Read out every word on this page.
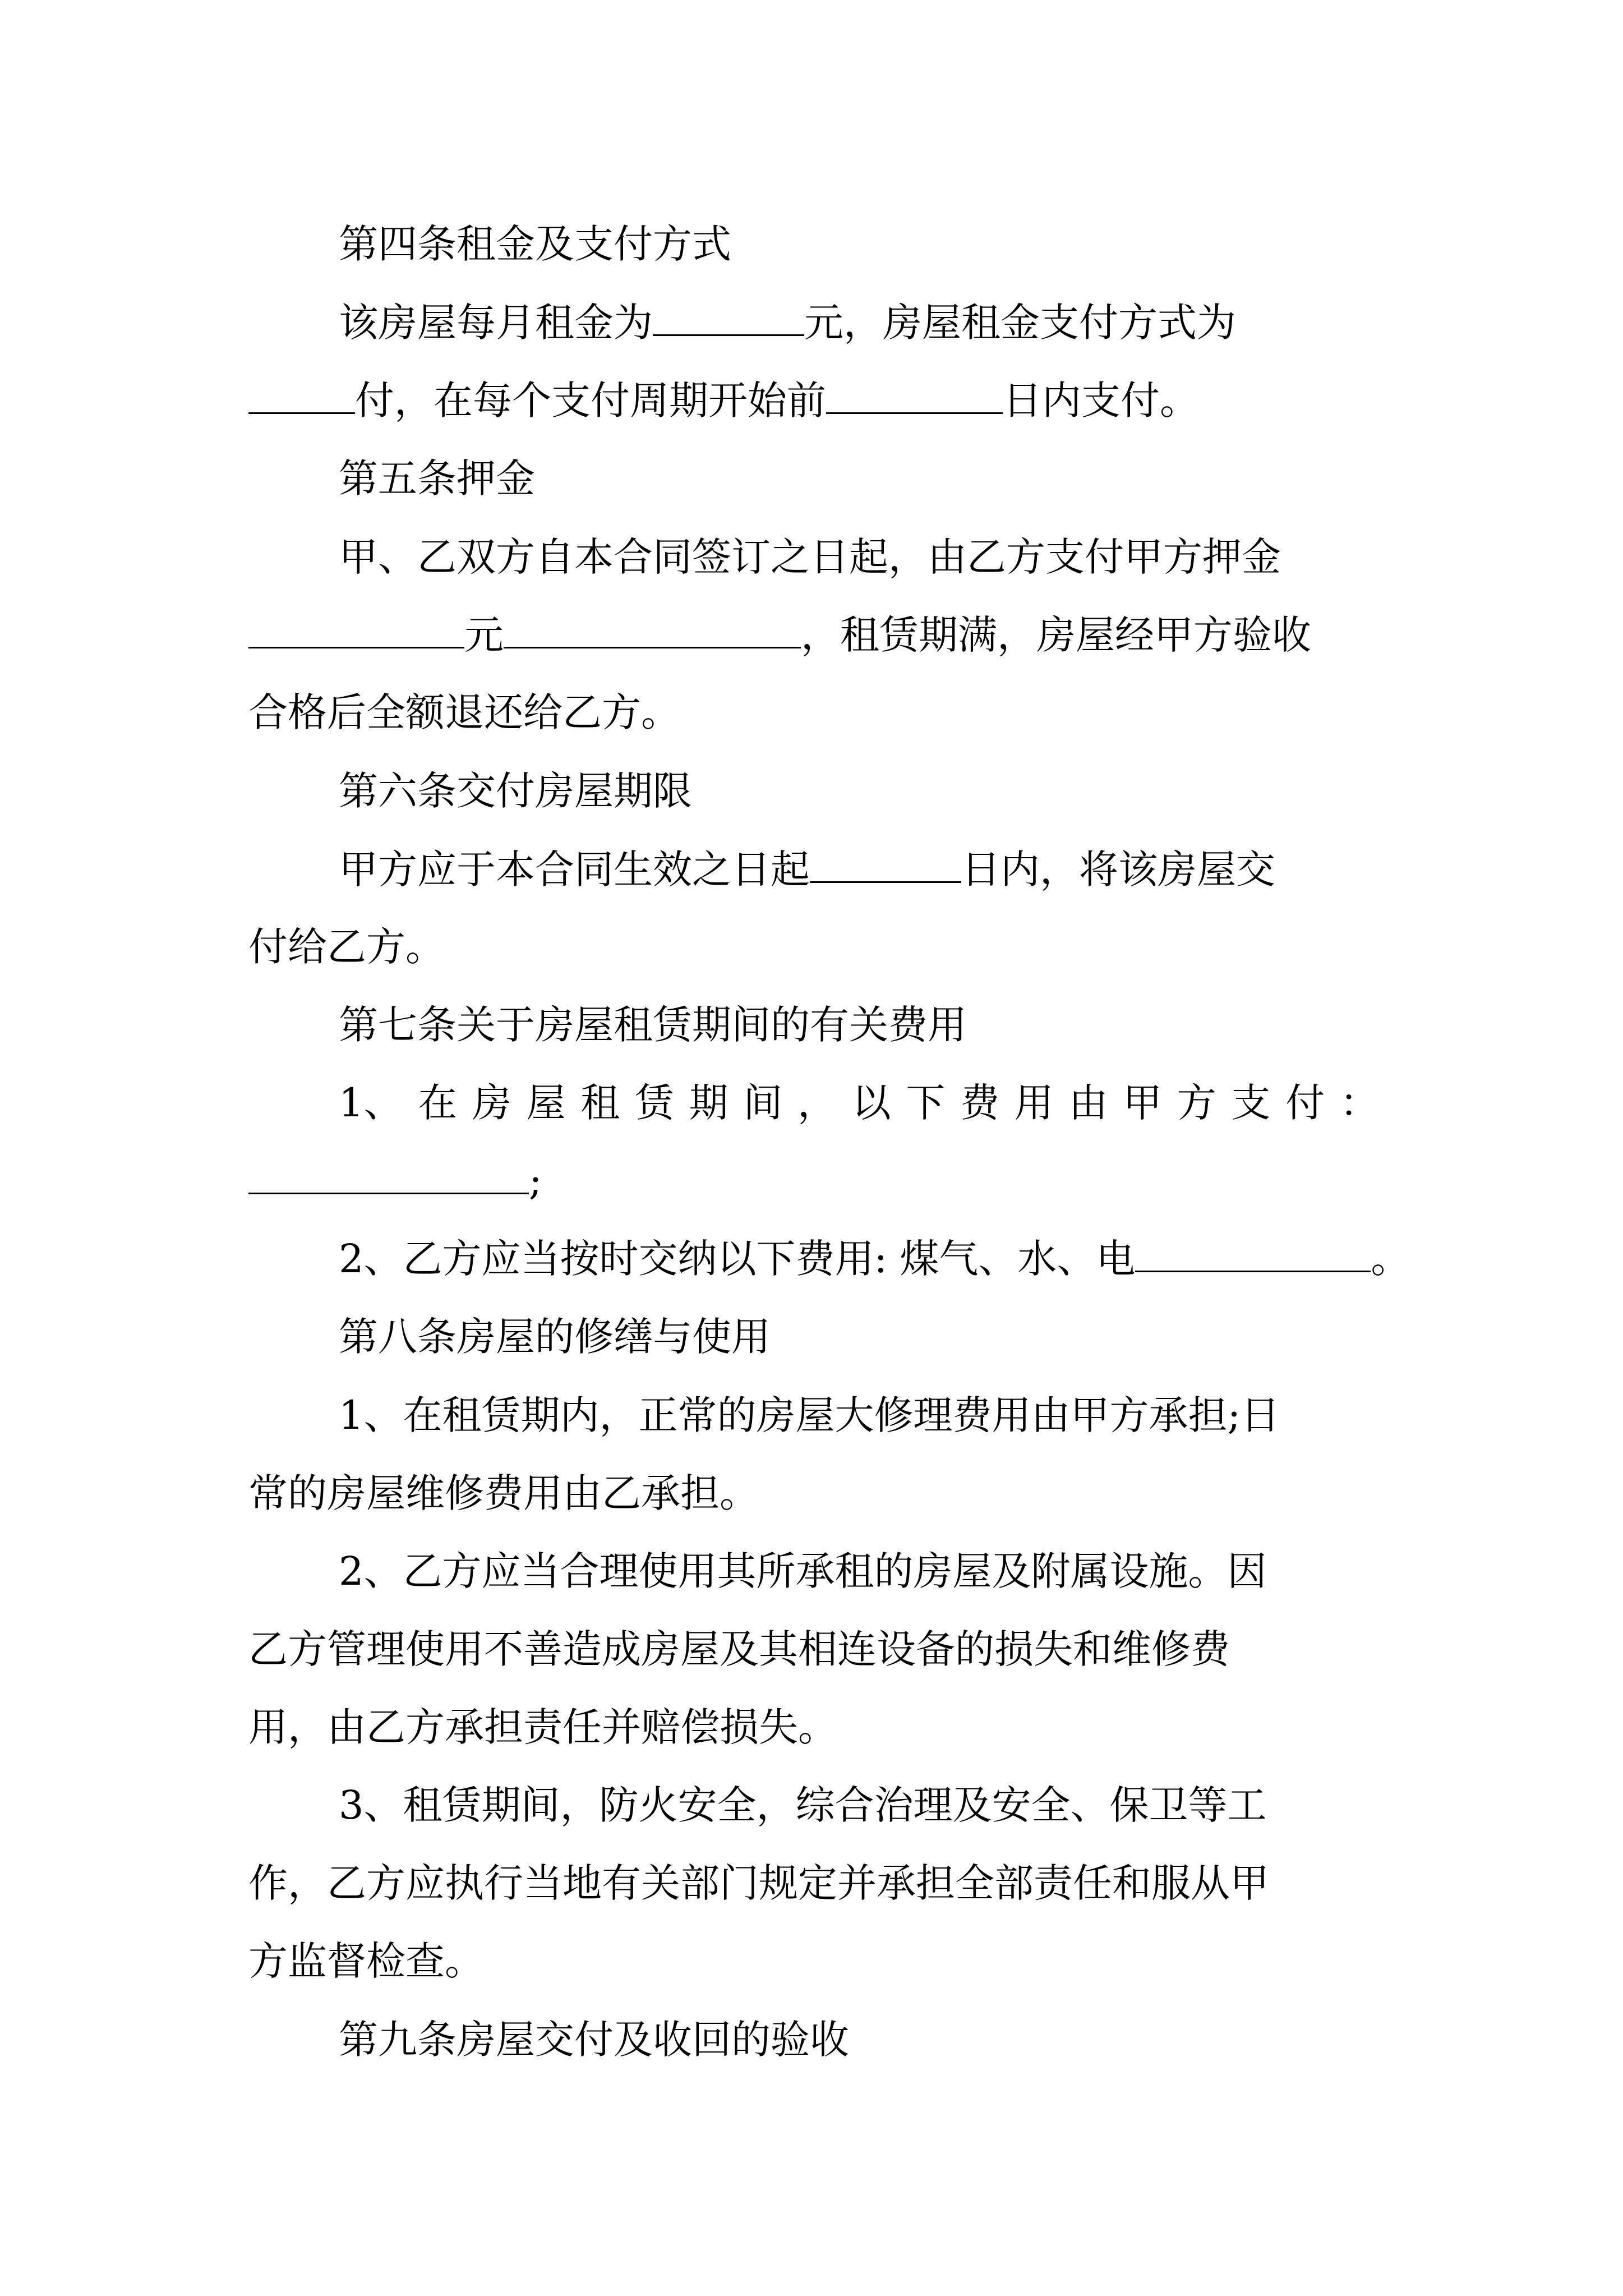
第四条租金及支付方式
该房屋每月租金为	元，房屋租金支付方式为
付，在每个支付周期开始前	日内支付。
第五条押金
甲、乙双方自本合同签订之日起，由乙方支付甲方押金
元	，租赁期满，房屋经甲方验收
合格后全额退还给乙方。
第六条交付房屋期限
甲方应于本合同生效之日起	日内，将该房屋交
付给乙方。
第七条关于房屋租赁期间的有关费用
1、 在 房 屋 租 赁 期 间 ， 以 下 费 用 由 甲 方 支 付 ：
;
2、乙方应当按时交纳以下费用: 煤气、水、电	。
第八条房屋的修缮与使用
1、在租赁期内，正常的房屋大修理费用由甲方承担;日
常的房屋维修费用由乙承担。
2、乙方应当合理使用其所承租的房屋及附属设施。因
乙方管理使用不善造成房屋及其相连设备的损失和维修费
用，由乙方承担责任并赔偿损失。
3、租赁期间，防火安全，综合治理及安全、保卫等工
作，乙方应执行当地有关部门规定并承担全部责任和服从甲
方监督检查。
第九条房屋交付及收回的验收
